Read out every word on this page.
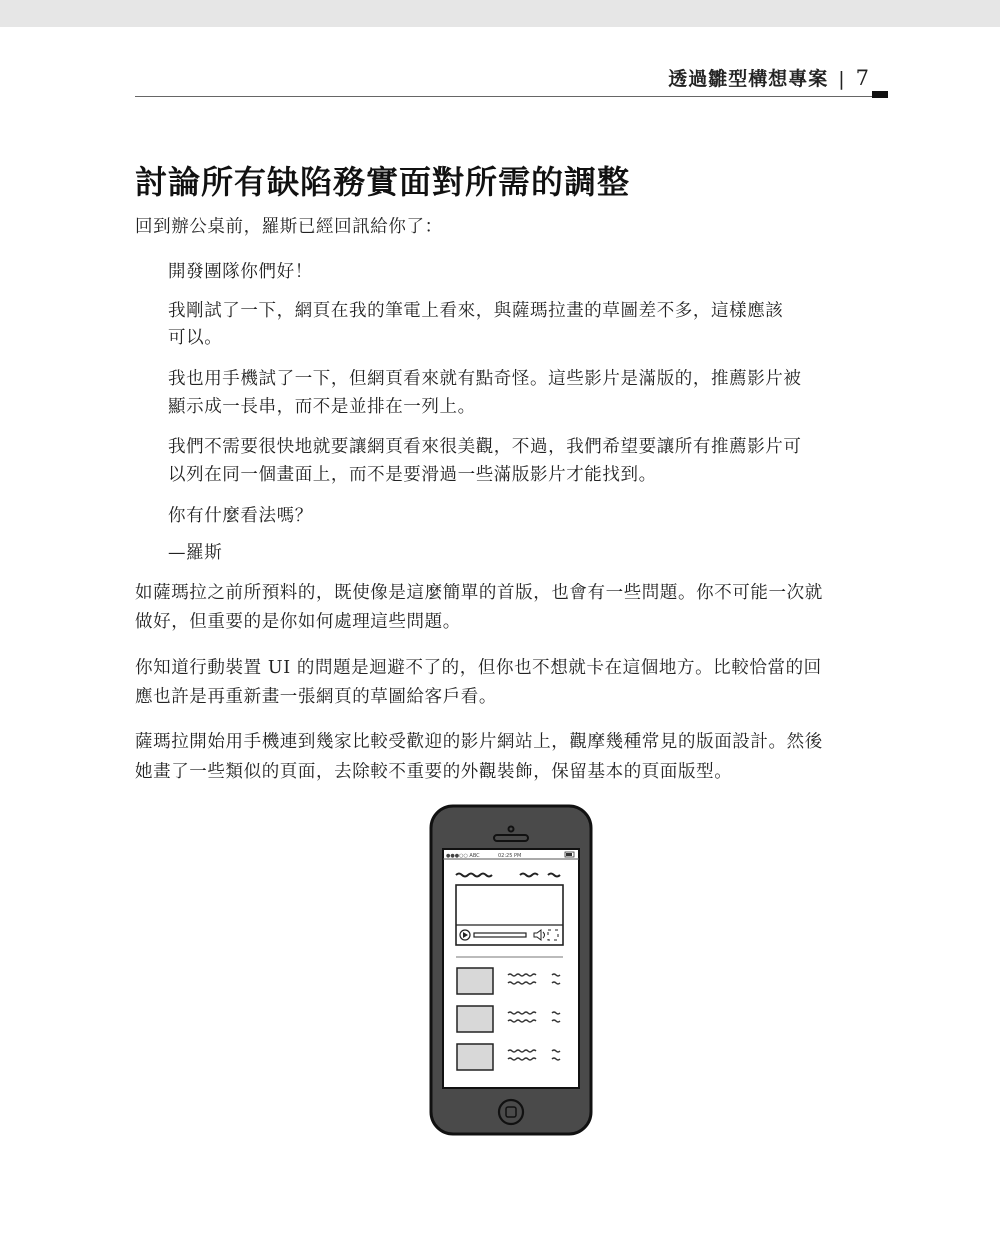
透過雛型構想專案 | 7
討論所有缺陷務實面對所需的調整

回到辦公桌前，羅斯已經回訊給你了：

開發團隊你們好！

我剛試了一下，網頁在我的筆電上看來，與薩瑪拉畫的草圖差不多，這樣應該

可以。

我也用手機試了一下，但網頁看來就有點奇怪。這些影片是滿版的，推薦影片被

顯示成一長串，而不是並排在一列上。

我們不需要很快地就要讓網頁看來很美觀，不過，我們希望要讓所有推薦影片可

以列在同一個畫面上，而不是要滑過一些滿版影片才能找到。

你有什麼看法嗎？

—羅斯

如薩瑪拉之前所預料的，既使像是這麼簡單的首版，也會有一些問題。你不可能一次就

做好，但重要的是你如何處理這些問題。

你知道行動裝置 UI 的問題是迴避不了的，但你也不想就卡在這個地方。比較恰當的回

應也許是再重新畫一張網頁的草圖給客戶看。

薩瑪拉開始用手機連到幾家比較受歡迎的影片網站上，觀摩幾種常見的版面設計。然後

她畫了一些類似的頁面，去除較不重要的外觀裝飾，保留基本的頁面版型。

●●●○○ ABC	02:25 PM
